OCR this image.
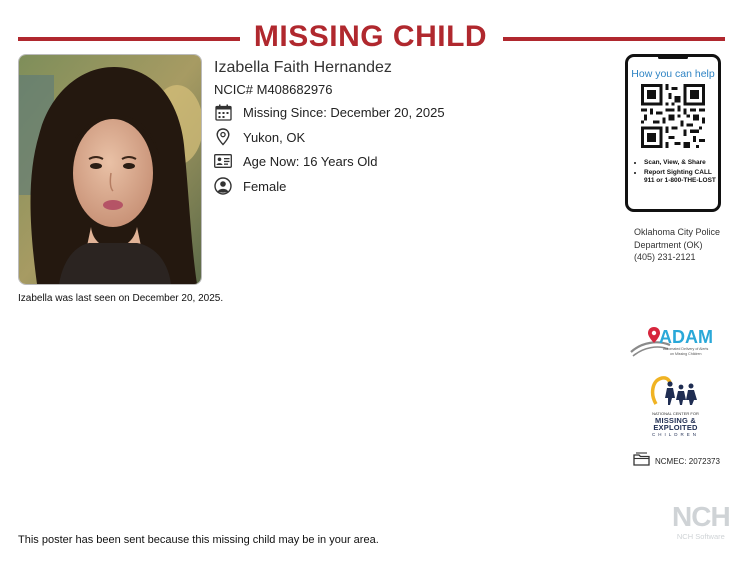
MISSING CHILD
Izabella Faith Hernandez
NCIC# M408682976
Missing Since: December 20, 2025
Yukon, OK
Age Now: 16 Years Old
Female
How you can help
• Scan, View, & Share
• Report Sighting CALL 911 or 1-800-THE-LOST
Oklahoma City Police
Department (OK)
(405) 231-2121
Izabella was last seen on December 20, 2025.
ADAM
Automated Delivery of Alerts
on Missing Children
NATIONAL CENTER FOR
MISSING &
EXPLOITED
CHILDREN
NCMEC: 2072373
This poster has been sent because this missing child may be in your area.
NCH
NCH Software
